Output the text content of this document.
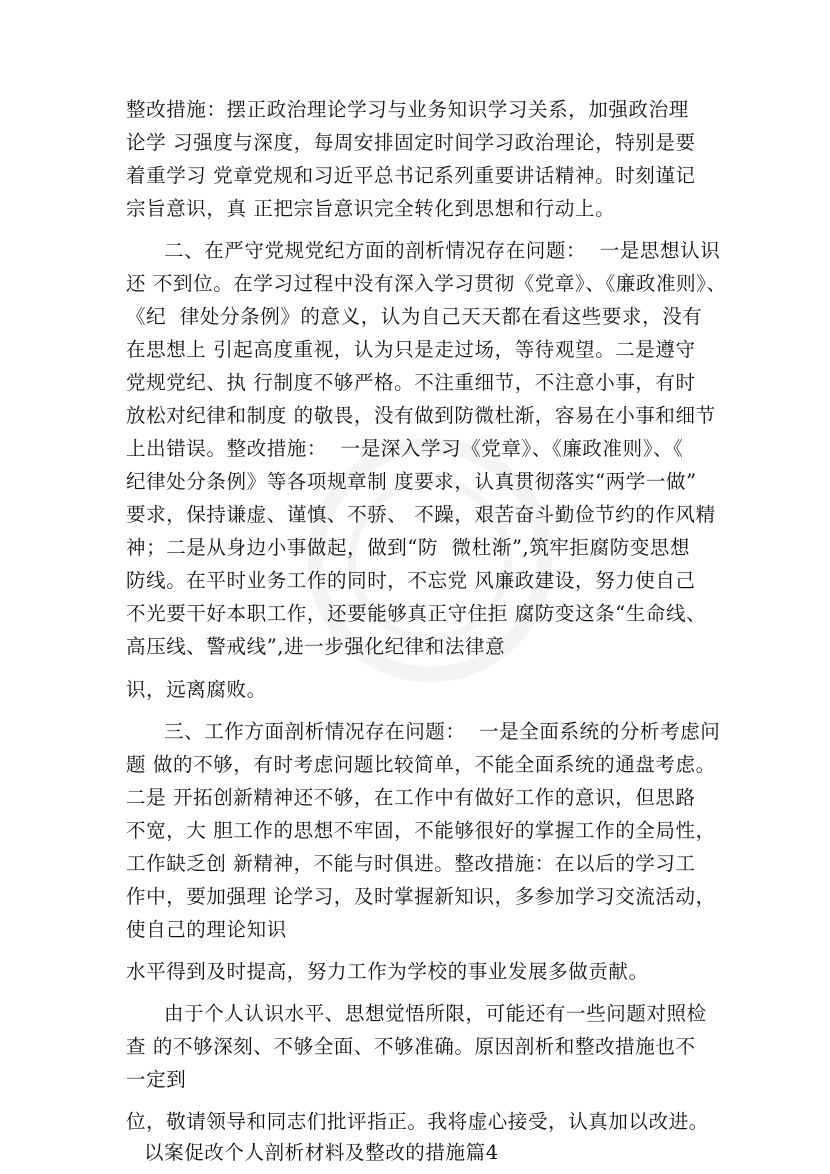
整改措施：摆正政治理论学习与业务知识学习关系，加强政治理
论学 习强度与深度，每周安排固定时间学习政治理论，特别是要
着重学习 党章党规和习近平总书记系列重要讲话精神。时刻谨记
宗旨意识，真 正把宗旨意识完全转化到思想和行动上。
二、在严守党规党纪方面的剖析情况存在问题：  一是思想认识
还 不到位。在学习过程中没有深入学习贯彻《党章》、《廉政准则》、
《纪  律处分条例》的意义，认为自己天天都在看这些要求，没有
在思想上 引起高度重视，认为只是走过场，等待观望。二是遵守
党规党纪、执 行制度不够严格。不注重细节，不注意小事，有时
放松对纪律和制度 的敬畏，没有做到防微杜渐，容易在小事和细节
上出错误。整改措施：  一是深入学习《党章》、《廉政准则》、《
纪律处分条例》等各项规章制 度要求，认真贯彻落实“两学一做”
要求，保持谦虚、谨慎、不骄、 不躁，艰苦奋斗勤俭节约的作风精
神；二是从身边小事做起，做到“防  微杜渐”,筑牢拒腐防变思想
防线。在平时业务工作的同时，不忘党 风廉政建设，努力使自己
不光要干好本职工作，还要能够真正守住拒 腐防变这条“生命线、
高压线、警戒线”,进一步强化纪律和法律意
识，远离腐败。
三、工作方面剖析情况存在问题：  一是全面系统的分析考虑问
题 做的不够，有时考虑问题比较简单，不能全面系统的通盘考虑。
二是 开拓创新精神还不够，在工作中有做好工作的意识，但思路
不宽，大 胆工作的思想不牢固，不能够很好的掌握工作的全局性，
工作缺乏创 新精神，不能与时俱进。整改措施：在以后的学习工
作中，要加强理 论学习，及时掌握新知识，多参加学习交流活动，
使自己的理论知识
水平得到及时提高，努力工作为学校的事业发展多做贡献。
由于个人认识水平、思想觉悟所限，可能还有一些问题对照检
查 的不够深刻、不够全面、不够准确。原因剖析和整改措施也不
一定到
位，敬请领导和同志们批评指正。我将虚心接受，认真加以改进。
以案促改个人剖析材料及整改的措施篇4
